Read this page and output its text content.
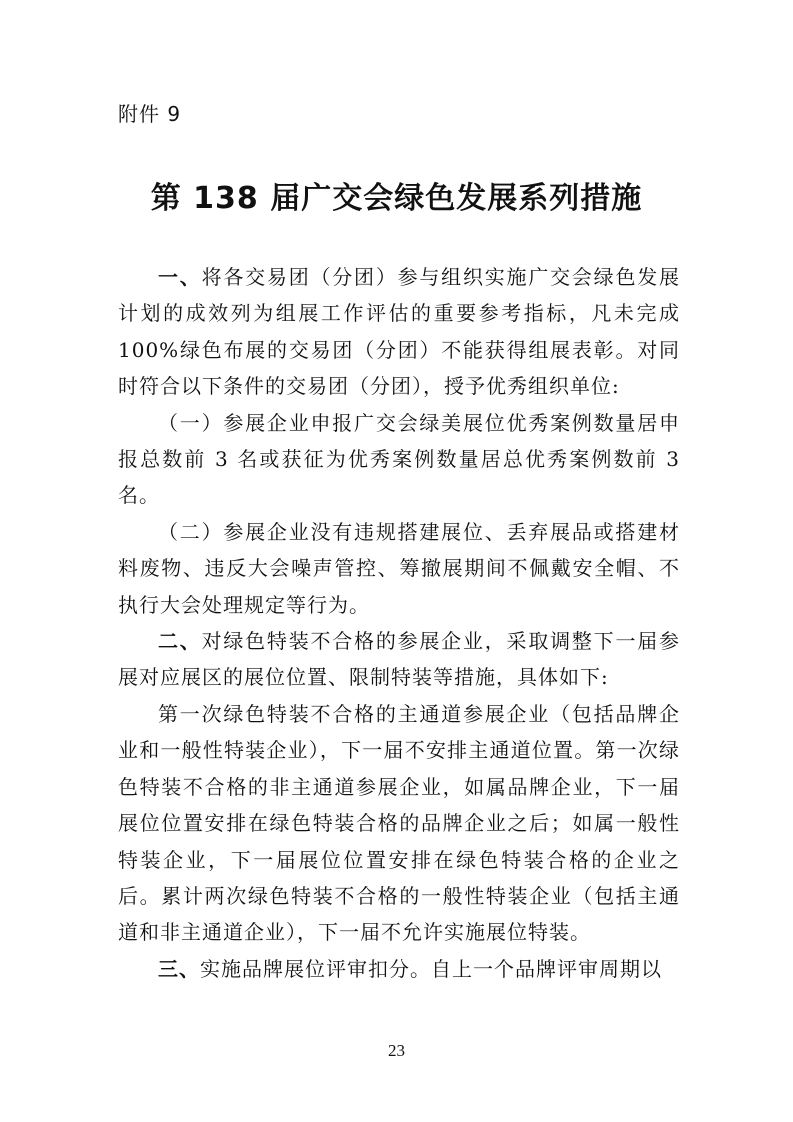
附件 9
第 138 届广交会绿色发展系列措施

一、将各交易团（分团）参与组织实施广交会绿色发展计划的成效列为组展工作评估的重要参考指标，凡未完成 100%绿色布展的交易团（分团）不能获得组展表彰。对同时符合以下条件的交易团（分团），授予优秀组织单位:

（一）参展企业申报广交会绿美展位优秀案例数量居申报总数前 3 名或获征为优秀案例数量居总优秀案例数前 3 名。

（二）参展企业没有违规搭建展位、丢弃展品或搭建材料废物、违反大会噪声管控、筹撤展期间不佩戴安全帽、不执行大会处理规定等行为。

二、对绿色特装不合格的参展企业，采取调整下一届参展对应展区的展位位置、限制特装等措施，具体如下:

第一次绿色特装不合格的主通道参展企业（包括品牌企业和一般性特装企业），下一届不安排主通道位置。第一次绿色特装不合格的非主通道参展企业，如属品牌企业，下一届展位位置安排在绿色特装合格的品牌企业之后；如属一般性特装企业，下一届展位位置安排在绿色特装合格的企业之后。累计两次绿色特装不合格的一般性特装企业（包括主通道和非主通道企业），下一届不允许实施展位特装。

三、实施品牌展位评审扣分。自上一个品牌评审周期以

23
